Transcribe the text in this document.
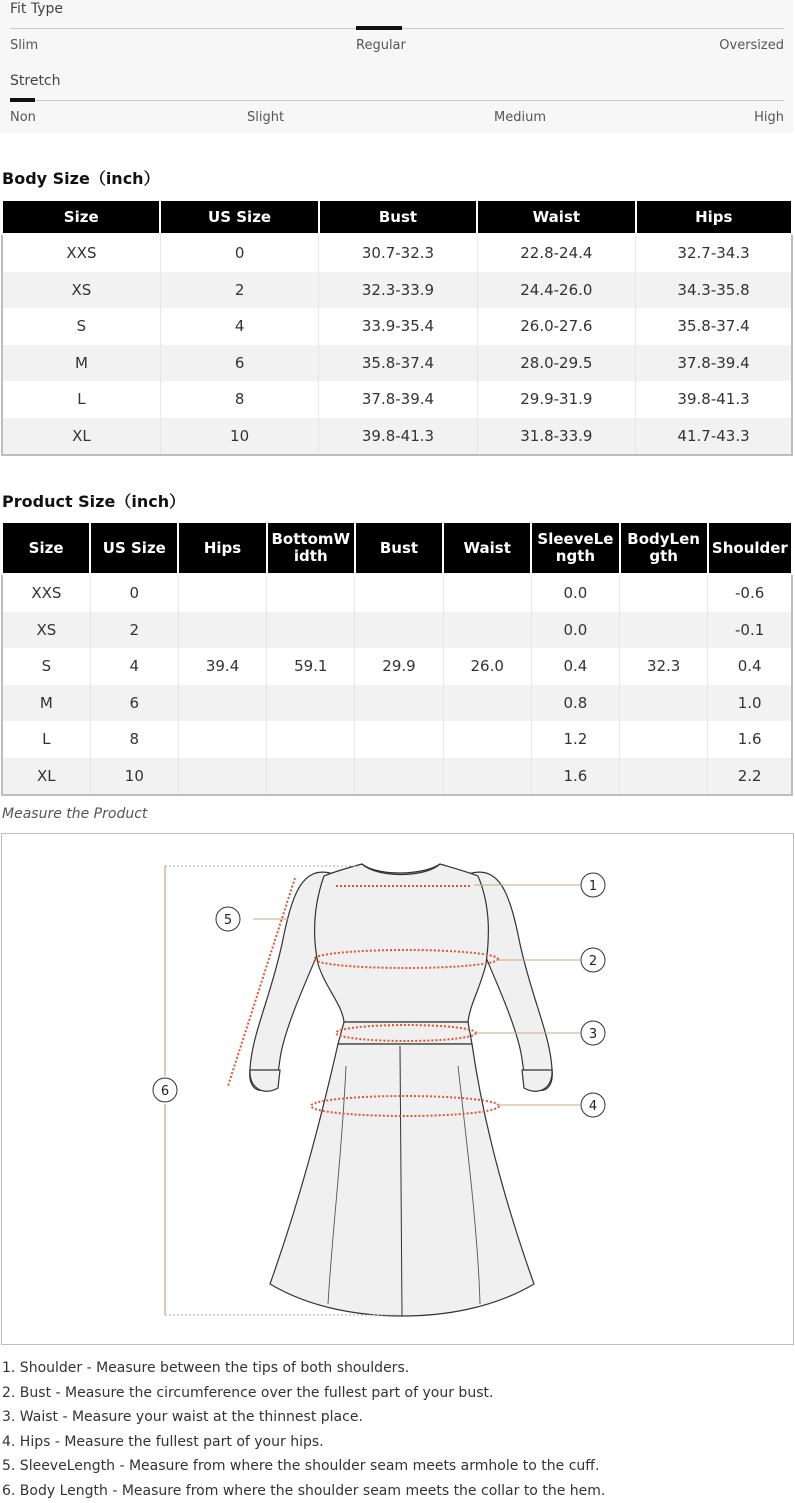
Fit Type
Slim	Regular	Oversized
Stretch
Non	Slight	Medium	High
Body Size（inch）
Size	US Size	Bust	Waist	Hips
XXS	0	30.7-32.3	22.8-24.4	32.7-34.3
XS	2	32.3-33.9	24.4-26.0	34.3-35.8
S	4	33.9-35.4	26.0-27.6	35.8-37.4
M	6	35.8-37.4	28.0-29.5	37.8-39.4
L	8	37.8-39.4	29.9-31.9	39.8-41.3
XL	10	39.8-41.3	31.8-33.9	41.7-43.3
Product Size（inch）
Size	US Size	Hips	BottomW idth	Bust	Waist	SleeveLe ngth	BodyLen gth	Shoulder
XXS	0					0.0		-0.6
XS	2					0.0		-0.1
S	4	39.4	59.1	29.9	26.0	0.4	32.3	0.4
M	6					0.8		1.0
L	8					1.2		1.6
XL	10					1.6		2.2
Measure the Product
1
2
3
4
5
6
1. Shoulder - Measure between the tips of both shoulders.
2. Bust - Measure the circumference over the fullest part of your bust.
3. Waist - Measure your waist at the thinnest place.
4. Hips - Measure the fullest part of your hips.
5. SleeveLength - Measure from where the shoulder seam meets armhole to the cuff.
6. Body Length - Measure from where the shoulder seam meets the collar to the hem.
